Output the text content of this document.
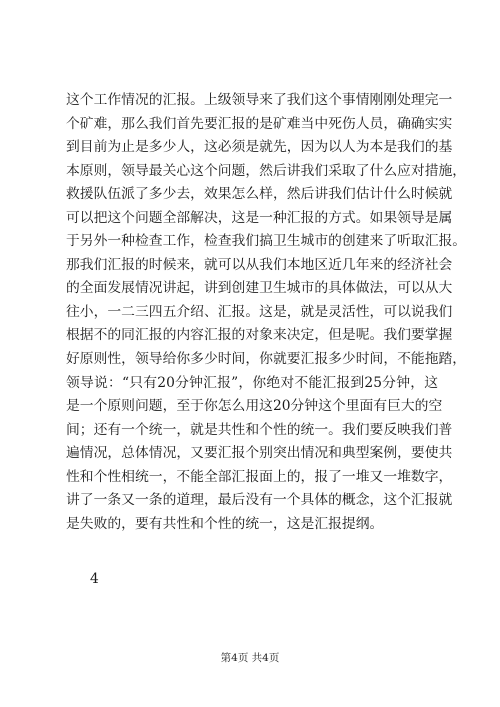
这个工作情况的汇报。上级领导来了我们这个事情刚刚处理完一
个矿难，那么我们首先要汇报的是矿难当中死伤人员，确确实实
到目前为止是多少人，这必须是就先，因为以人为本是我们的基
本原则，领导最关心这个问题，然后讲我们采取了什么应对措施，
救援队伍派了多少去，效果怎么样，然后讲我们估计什么时候就
可以把这个问题全部解决，这是一种汇报的方式。如果领导是属
于另外一种检查工作，检查我们搞卫生城市的创建来了听取汇报。
那我们汇报的时候来，就可以从我们本地区近几年来的经济社会
的全面发展情况讲起，讲到创建卫生城市的具体做法，可以从大
往小，一二三四五介绍、汇报。这是，就是灵活性，可以说我们
根据不的同汇报的内容汇报的对象来决定，但是呢。我们要掌握
好原则性，领导给你多少时间，你就要汇报多少时间，不能拖踏，
领导说：“只有20分钟汇报”，你绝对不能汇报到25分钟，这
是一个原则问题，至于你怎么用这20分钟这个里面有巨大的空
间；还有一个统一，就是共性和个性的统一。我们要反映我们普
遍情况，总体情况，又要汇报个别突出情况和典型案例，要使共
性和个性相统一，不能全部汇报面上的，报了一堆又一堆数字，
讲了一条又一条的道理，最后没有一个具体的概念，这个汇报就
是失败的，要有共性和个性的统一，这是汇报提纲。
4
第4页 共4页
